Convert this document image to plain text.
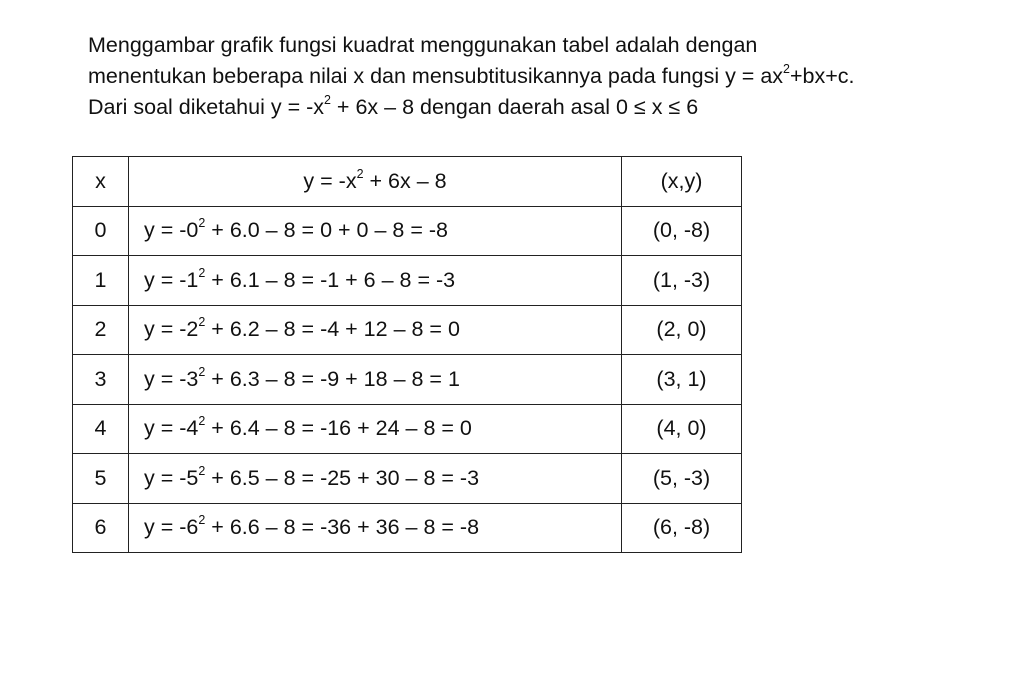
Menggambar grafik fungsi kuadrat menggunakan tabel adalah dengan
menentukan beberapa nilai x dan mensubtitusikannya pada fungsi $y = ax^2+bx+c$.
Dari soal diketahui $y = -x^2 + 6x - 8$ dengan daerah asal 0 ≤ x ≤ 6
x	$y = -x^2 + 6x - 8$	(x,y)
0	$y = -0^2 + 6.0 - 8 = 0 + 0 - 8 = -8$	(0, -8)
1	$y = -1^2 + 6.1 - 8 = -1 + 6 - 8 = -3$	(1, -3)
2	$y = -2^2 + 6.2 - 8 = -4 + 12 - 8 = 0$	(2, 0)
3	$y = -3^2 + 6.3 - 8 = -9 + 18 - 8 = 1$	(3, 1)
4	$y = -4^2 + 6.4 - 8 = -16 + 24 - 8 = 0$	(4, 0)
5	$y = -5^2 + 6.5 - 8 = -25 + 30 - 8 = -3$	(5, -3)
6	$y = -6^2 + 6.6 - 8 = -36 + 36 - 8 = -8$	(6, -8)
